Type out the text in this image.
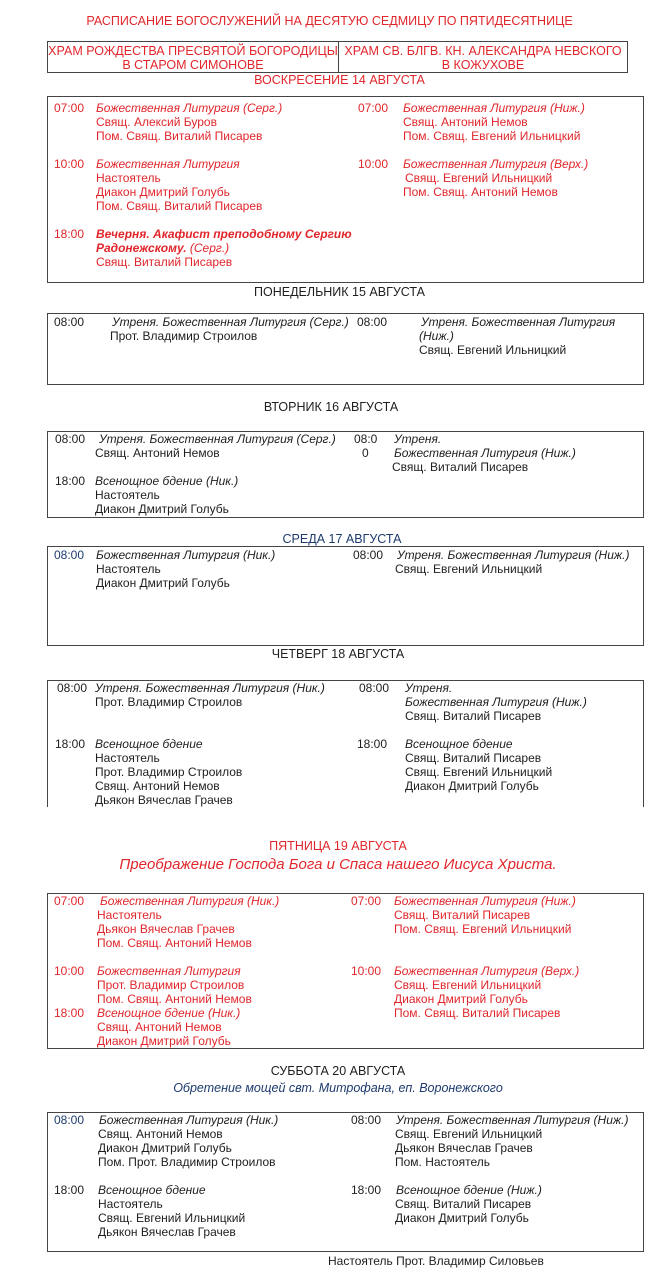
РАСПИСАНИЕ БОГОСЛУЖЕНИЙ НА ДЕСЯТУЮ СЕДМИЦУ ПО ПЯТИДЕСЯТНИЦЕ
ХРАМ РОЖДЕСТВА ПРЕСВЯТОЙ БОГОРОДИЦЫ
В СТАРОМ СИМОНОВЕ
ХРАМ СВ. БЛГВ. КН. АЛЕКСАНДРА НЕВСКОГО
В КОЖУХОВЕ
ВОСКРЕСЕНИЕ 14 АВГУСТА
07:00 Божественная Литургия (Серг.)
Свящ. Алексий Буров
Пом. Свящ. Виталий Писарев
10:00 Божественная Литургия
Настоятель
Диакон Дмитрий Голубь
Пом. Свящ. Виталий Писарев
18:00 Вечерня. Акафист преподобному Сергию
Радонежскому. (Серг.)
Свящ. Виталий Писарев
07:00 Божественная Литургия (Ниж.)
Свящ. Антоний Немов
Пом. Свящ. Евгений Ильницкий
10:00 Божественная Литургия (Верх.)
Свящ. Евгений Ильницкий
Пом. Свящ. Антоний Немов
ПОНЕДЕЛЬНИК 15 АВГУСТА
08:00 Утреня. Божественная Литургия (Серг.)
Прот. Владимир Строилов
08:00	Утреня. Божественная Литургия
(Ниж.)
Свящ. Евгений Ильницкий
ВТОРНИК 16 АВГУСТА
08:00 Утреня. Божественная Литургия (Серг.)
Свящ. Антоний Немов
18:00 Всенощное бдение (Ник.)
Настоятель
Диакон Дмитрий Голубь
08:0
0
Утреня.
Божественная Литургия (Ниж.)
Свящ. Виталий Писарев
СРЕДА 17 АВГУСТА
08:00 Божественная Литургия (Ник.)
Настоятель
Диакон Дмитрий Голубь
08:00 Утреня. Божественная Литургия (Ниж.)
Свящ. Евгений Ильницкий
ЧЕТВЕРГ 18 АВГУСТА
08:00 Утреня. Божественная Литургия (Ник.)
Прот. Владимир Строилов
18:00 Всенощное бдение
Настоятель
Прот. Владимир Строилов
Свящ. Антоний Немов
Дьякон Вячеслав Грачев
08:00 Утреня.
Божественная Литургия (Ниж.)
Свящ. Виталий Писарев
18:00 Всенощное бдение
Свящ. Виталий Писарев
Свящ. Евгений Ильницкий
Диакон Дмитрий Голубь
ПЯТНИЦА 19 АВГУСТА
Преображение Господа Бога и Спаса нашего Иисуса Христа.
07:00 Божественная Литургия (Ник.)
Настоятель
Дьякон Вячеслав Грачев
Пом. Свящ. Антоний Немов
10:00 Божественная Литургия
Прот. Владимир Строилов
Пом. Свящ. Антоний Немов
18:00 Всенощное бдение (Ник.)
Свящ. Антоний Немов
Диакон Дмитрий Голубь
07:00 Божественная Литургия (Ниж.)
Свящ. Виталий Писарев
Пом. Свящ. Евгений Ильницкий
10:00 Божественная Литургия (Верх.)
Свящ. Евгений Ильницкий
Диакон Дмитрий Голубь
Пом. Свящ. Виталий Писарев
СУББОТА 20 АВГУСТА
Обретение мощей свт. Митрофана, еп. Воронежского
08:00 Божественная Литургия (Ник.)
Свящ. Антоний Немов
Диакон Дмитрий Голубь
Пом. Прот. Владимир Строилов
18:00 Всенощное бдение
Настоятель
Свящ. Евгений Ильницкий
Дьякон Вячеслав Грачев
08:00 Утреня. Божественная Литургия (Ниж.)
Свящ. Евгений Ильницкий
Дьякон Вячеслав Грачев
Пом. Настоятель
18:00 Всенощное бдение (Ниж.)
Свящ. Виталий Писарев
Диакон Дмитрий Голубь
Настоятель Прот. Владимир Силовьев
